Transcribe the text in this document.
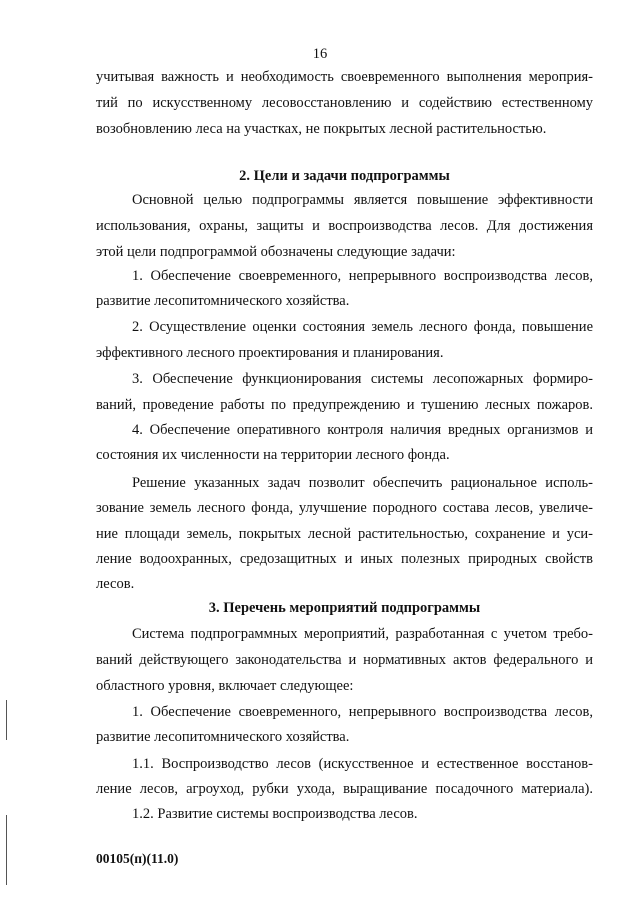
16

учитывая важность и необходимость своевременного выполнения мероприя-

тий по искусственному лесовосстановлению и содействию естественному

возобновлению леса на участках, не покрытых лесной растительностью.

2. Цели и задачи подпрограммы

Основной целью подпрограммы является повышение эффективности

использования, охраны, защиты и воспроизводства лесов. Для достижения

этой цели подпрограммой обозначены следующие задачи:

1. Обеспечение своевременного, непрерывного воспроизводства лесов,

развитие лесопитомнического хозяйства.

2. Осуществление оценки состояния земель лесного фонда, повышение

эффективного лесного проектирования и планирования.

3. Обеспечение функционирования системы лесопожарных формиро-

ваний, проведение работы по предупреждению и тушению лесных пожаров.

4. Обеспечение оперативного контроля наличия вредных организмов и

состояния их численности на территории лесного фонда.

Решение указанных задач позволит обеспечить рациональное исполь-

зование земель лесного фонда, улучшение породного состава лесов, увеличе-

ние площади земель, покрытых лесной растительностью, сохранение и уси-

ление водоохранных, средозащитных и иных полезных природных свойств

лесов.

3. Перечень мероприятий подпрограммы

Система подпрограммных мероприятий, разработанная с учетом требо-

ваний действующего законодательства и нормативных актов федерального и

областного уровня, включает следующее:

1. Обеспечение своевременного, непрерывного воспроизводства лесов,

развитие лесопитомнического хозяйства.

1.1. Воспроизводство лесов (искусственное и естественное восстанов-

ление лесов, агроуход, рубки ухода, выращивание посадочного материала).

1.2. Развитие системы воспроизводства лесов.

00105(п)(11.0)
